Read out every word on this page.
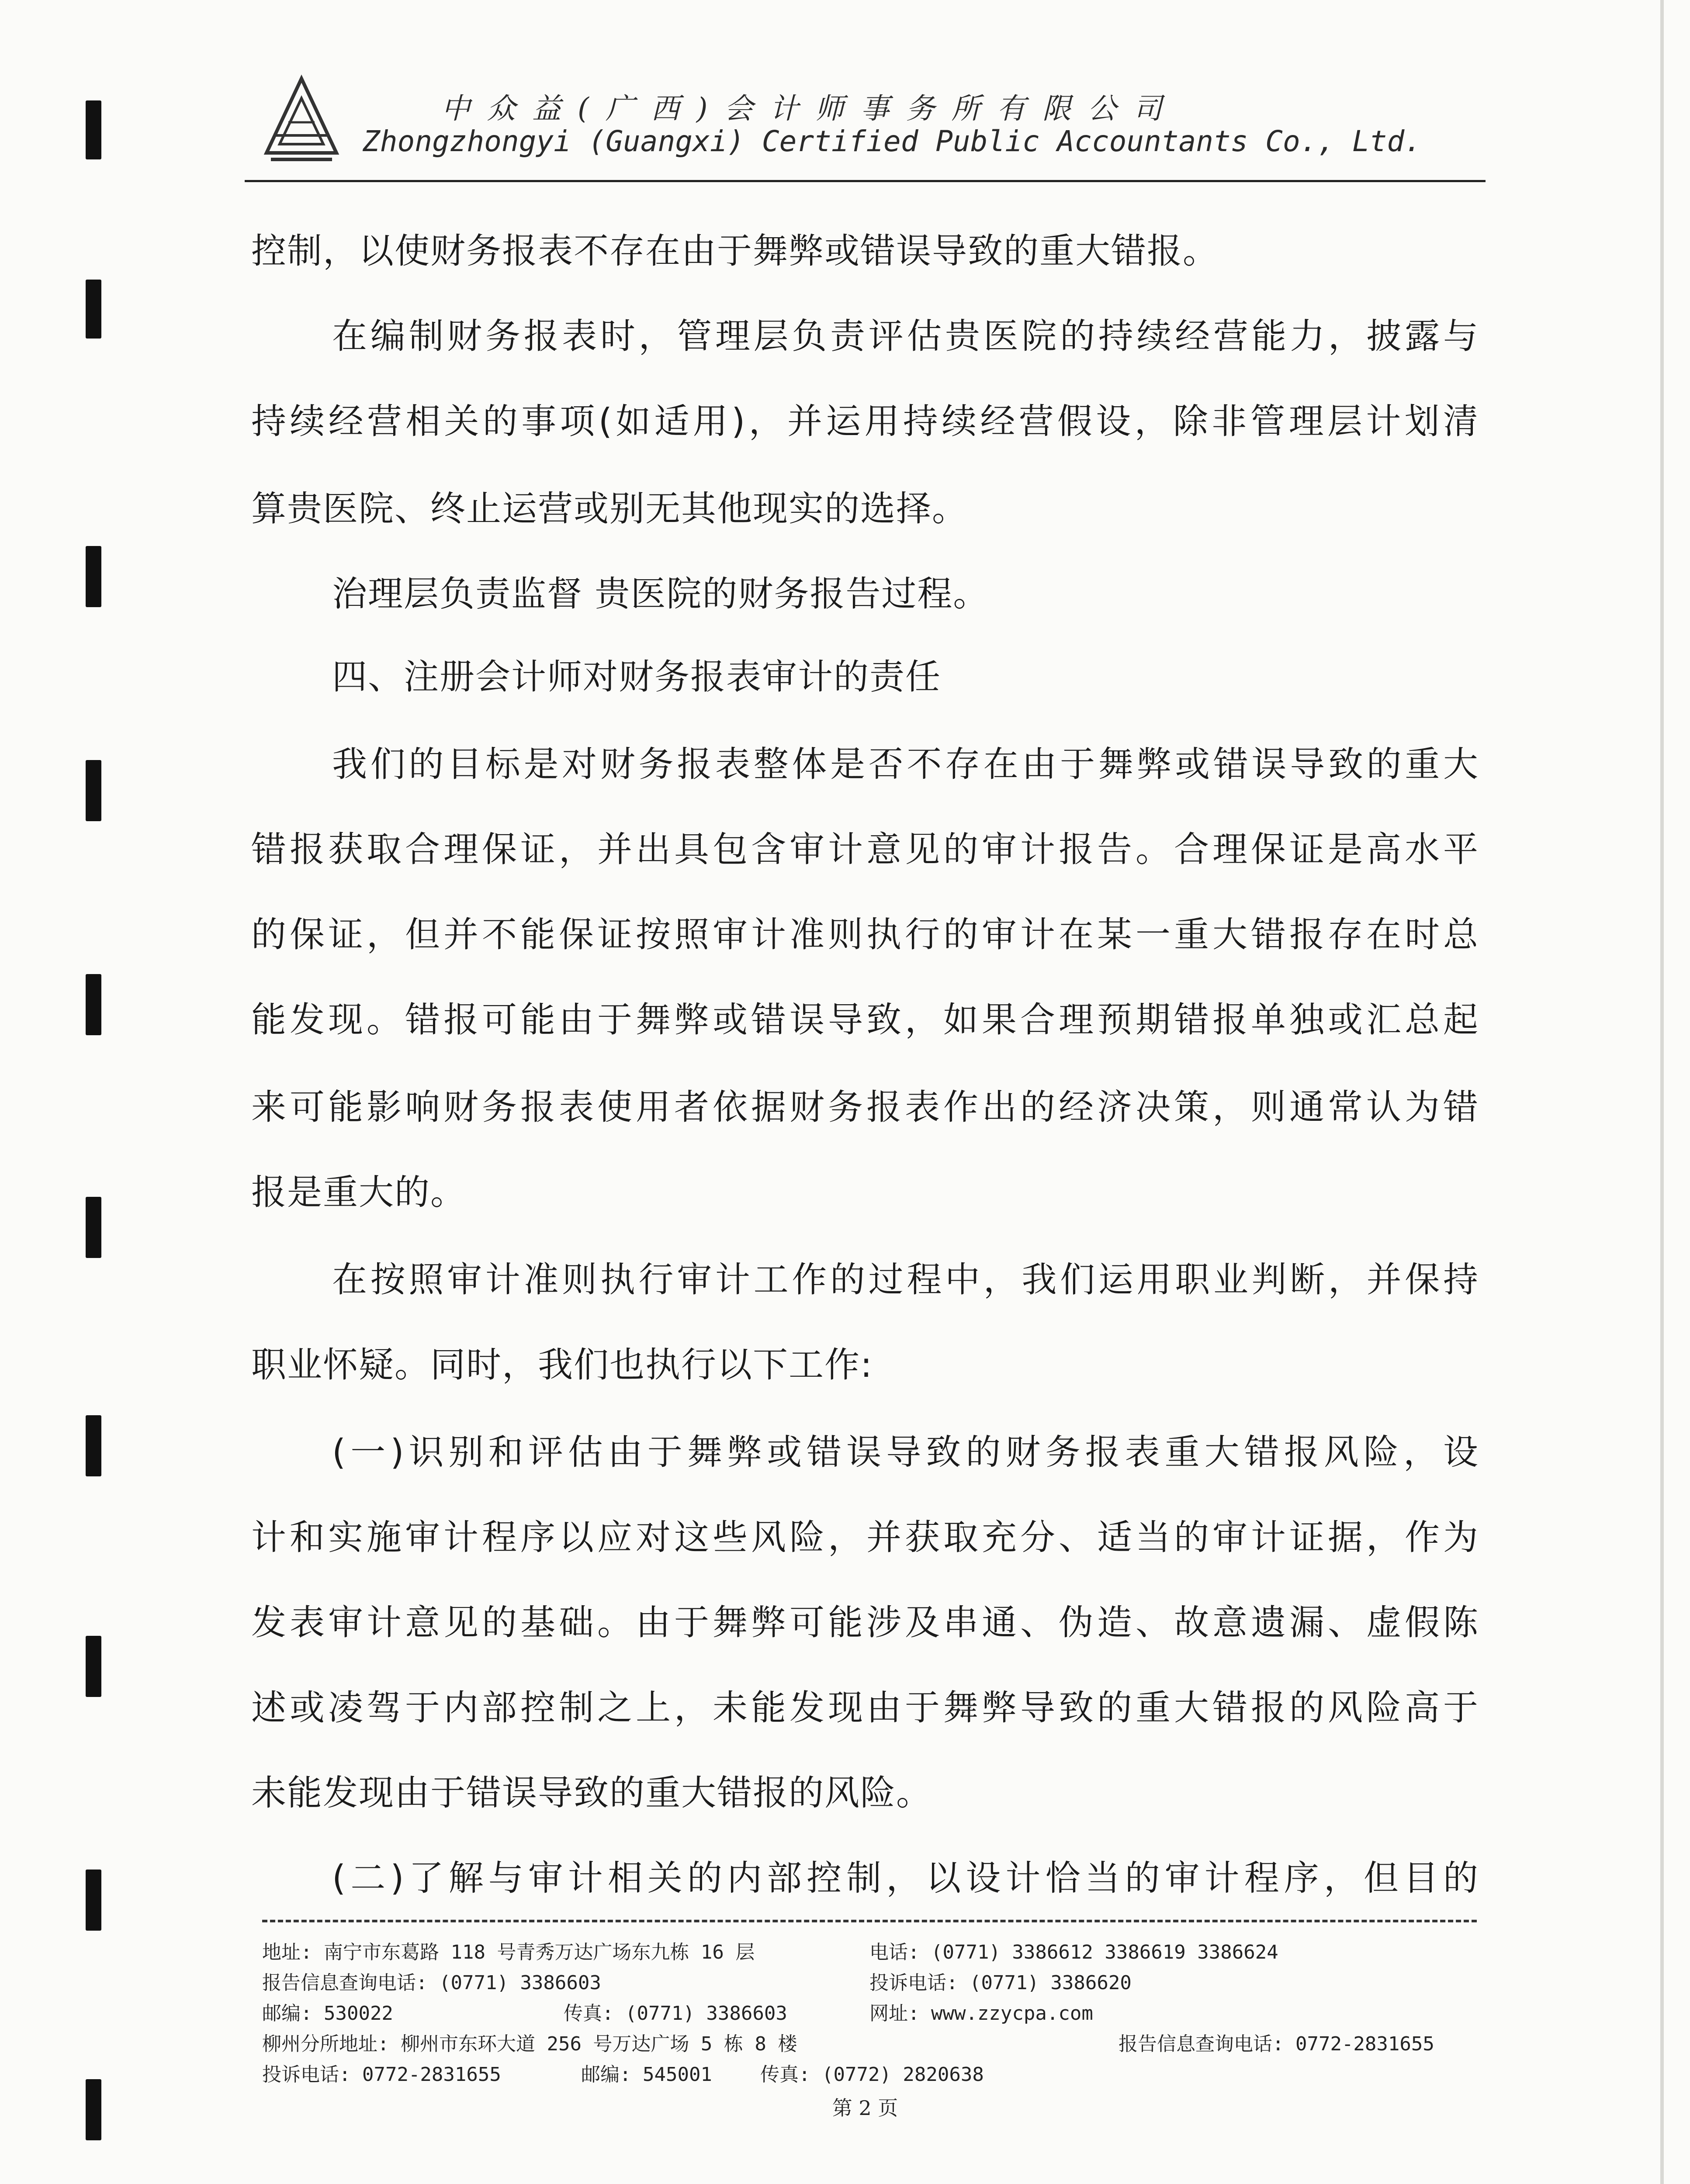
中众益(广西)会计师事务所有限公司
Zhongzhongyi (Guangxi) Certified Public Accountants Co., Ltd.
控制，以使财务报表不存在由于舞弊或错误导致的重大错报。
在编制财务报表时，管理层负责评估贵医院的持续经营能力，披露与
持续经营相关的事项(如适用)，并运用持续经营假设，除非管理层计划清
算贵医院、终止运营或别无其他现实的选择。
治理层负责监督 贵医院的财务报告过程。
四、注册会计师对财务报表审计的责任
我们的目标是对财务报表整体是否不存在由于舞弊或错误导致的重大
错报获取合理保证，并出具包含审计意见的审计报告。合理保证是高水平
的保证，但并不能保证按照审计准则执行的审计在某一重大错报存在时总
能发现。错报可能由于舞弊或错误导致，如果合理预期错报单独或汇总起
来可能影响财务报表使用者依据财务报表作出的经济决策，则通常认为错
报是重大的。
在按照审计准则执行审计工作的过程中，我们运用职业判断，并保持
职业怀疑。同时，我们也执行以下工作:
(一)识别和评估由于舞弊或错误导致的财务报表重大错报风险，设
计和实施审计程序以应对这些风险，并获取充分、适当的审计证据，作为
发表审计意见的基础。由于舞弊可能涉及串通、伪造、故意遗漏、虚假陈
述或凌驾于内部控制之上，未能发现由于舞弊导致的重大错报的风险高于
未能发现由于错误导致的重大错报的风险。
(二)了解与审计相关的内部控制，以设计恰当的审计程序，但目的
地址: 南宁市东葛路 118 号青秀万达广场东九栋 16 层	电话: (0771) 3386612 3386619 3386624
报告信息查询电话: (0771) 3386603	投诉电话: (0771) 3386620
邮编: 530022	传真: (0771) 3386603	网址: www.zzycpa.com
柳州分所地址: 柳州市东环大道 256 号万达广场 5 栋 8 楼	报告信息查询电话: 0772-2831655
投诉电话: 0772-2831655	邮编: 545001	传真: (0772) 2820638
第 2 页
